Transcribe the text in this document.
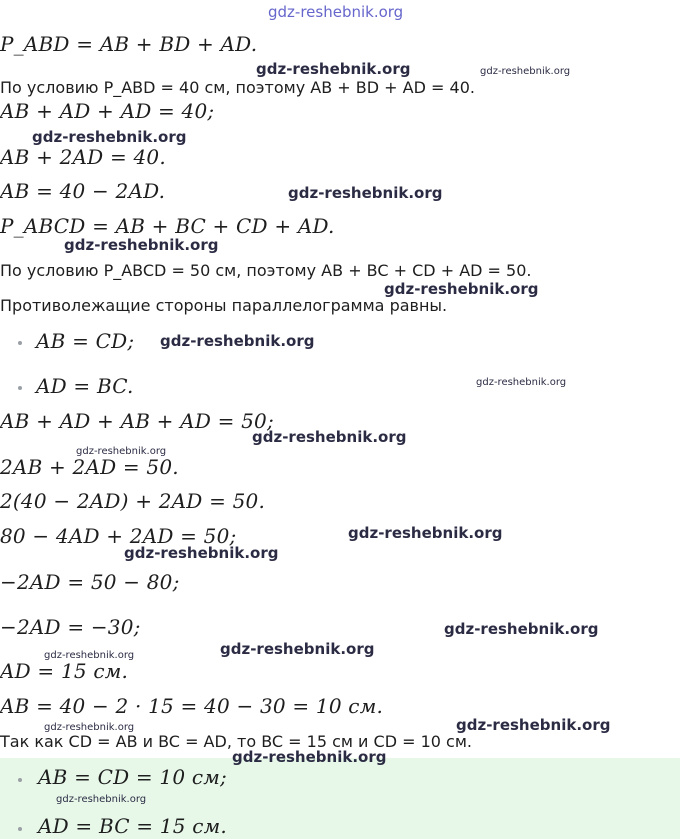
gdz-reshebnik.org
P_ABD = AB + BD + AD.
По условию P_ABD = 40 см, поэтому AB + BD + AD = 40.
AB + AD + AD = 40;
AB + 2AD = 40.
AB = 40 − 2AD.
P_ABCD = AB + BC + CD + AD.
По условию P_ABCD = 50 см, поэтому AB + BC + CD + AD = 50.
Противолежащие стороны параллелограмма равны.
AB = CD;
AD = BC.
AB + AD + AB + AD = 50;
2AB + 2AD = 50.
2(40 − 2AD) + 2AD = 50.
80 − 4AD + 2AD = 50;
−2AD = 50 − 80;
−2AD = −30;
AD = 15 см.
AB = 40 − 2 · 15 = 40 − 30 = 10 см.
Так как CD = AB и BC = AD, то BC = 15 см и CD = 10 см.
AB = CD = 10 см;
AD = BC = 15 см.
gdz-reshebnik.org	gdz-reshebnik.org
gdz-reshebnik.org
gdz-reshebnik.org
gdz-reshebnik.org
gdz-reshebnik.org
gdz-reshebnik.org
gdz-reshebnik.org
gdz-reshebnik.org
gdz-reshebnik.org
gdz-reshebnik.org
gdz-reshebnik.org
gdz-reshebnik.org
gdz-reshebnik.org
gdz-reshebnik.org
gdz-reshebnik.org
gdz-reshebnik.org
gdz-reshebnik.org
gdz-reshebnik.org
